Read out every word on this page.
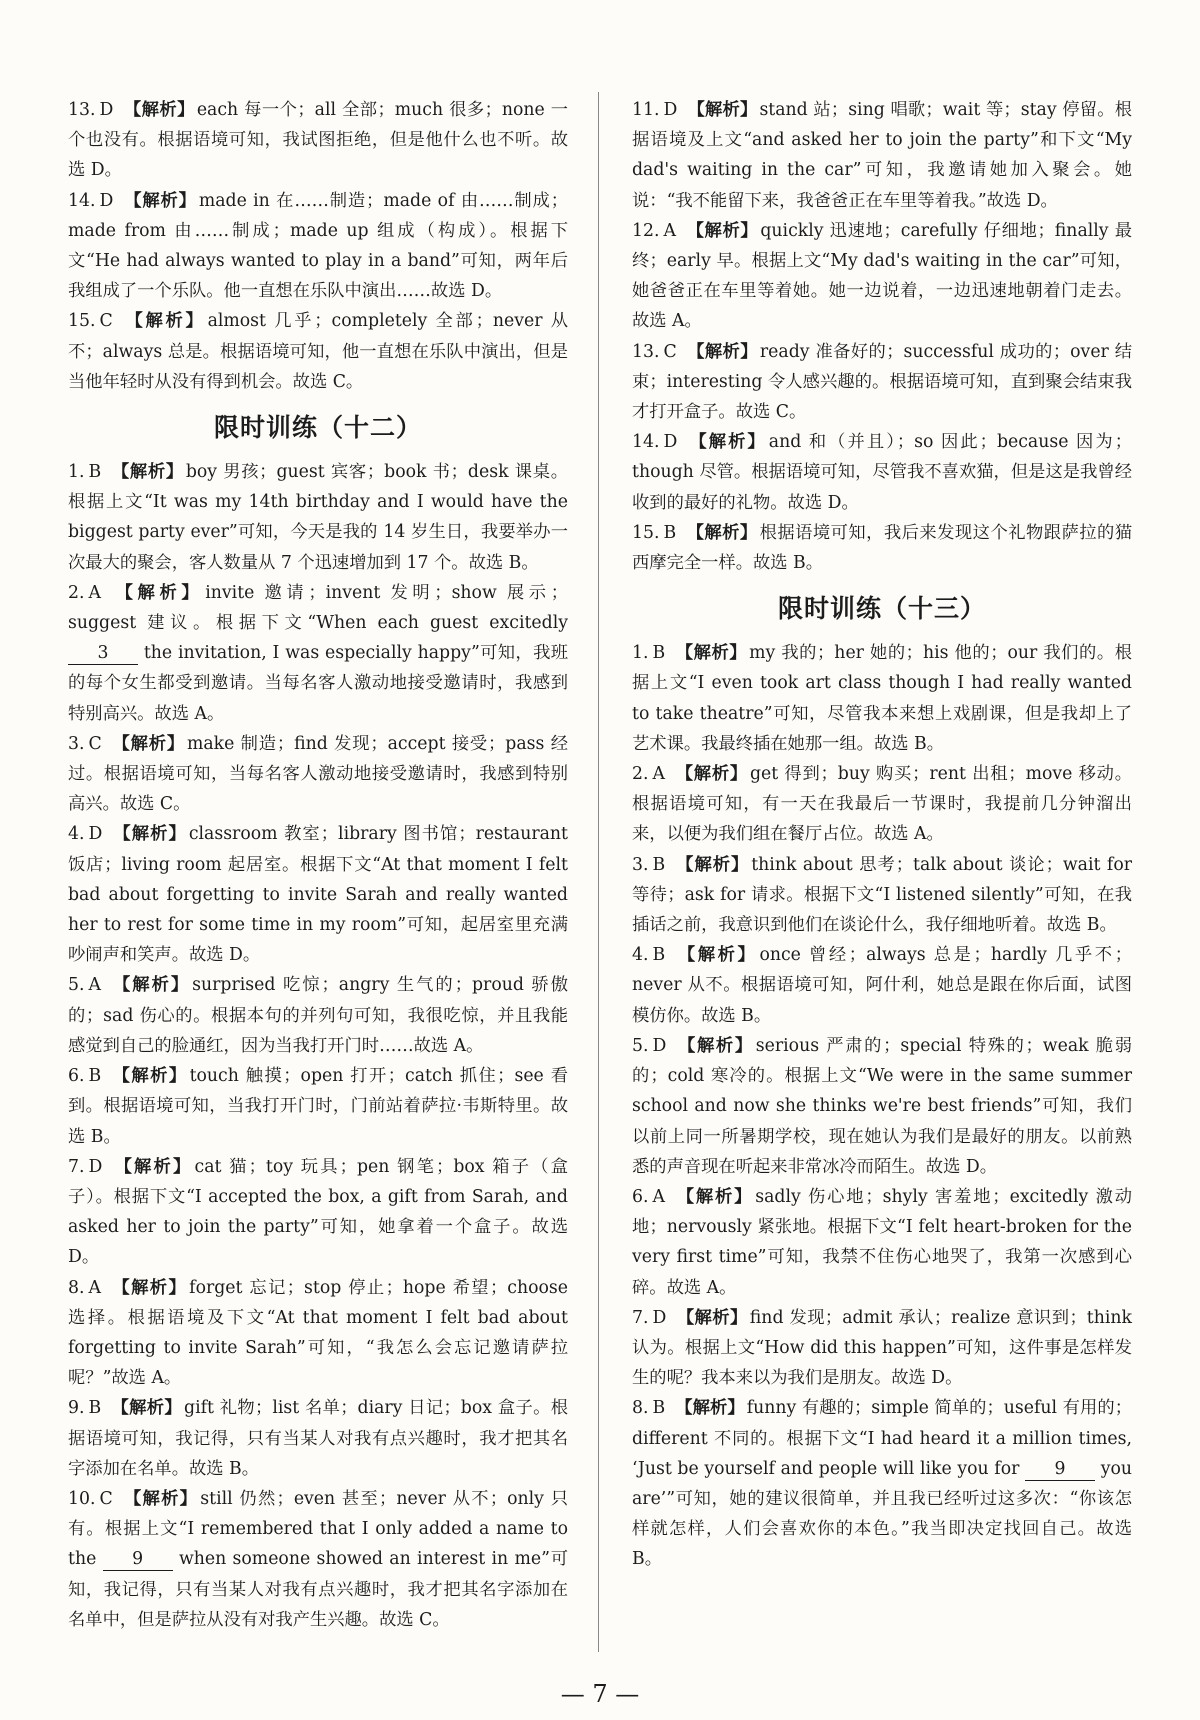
13. D 【解析】 each 每一个；all 全部；much 很多；none 一个也没有。根据语境可知，我试图拒绝，但是他什么也不听。故选 D。

14. D 【解析】 made in 在……制造；made of 由……制成；made from 由……制成；made up 组成（构成）。根据下文“He had always wanted to play in a band”可知，两年后我组成了一个乐队。他一直想在乐队中演出……故选 D。

15. C 【解析】 almost 几乎；completely 全部；never 从不；always 总是。根据语境可知，他一直想在乐队中演出，但是当他年轻时从没有得到机会。故选 C。

限时训练（十二）

1. B 【解析】 boy 男孩；guest 宾客；book 书；desk 课桌。根据上文“It was my 14th birthday and I would have the biggest party ever”可知，今天是我的 14 岁生日，我要举办一次最大的聚会，客人数量从 7 个迅速增加到 17 个。故选 B。

2. A 【解析】 invite 邀请；invent 发明；show 展示；suggest 建议。根据下文“When each guest excitedly 3 the invitation, I was especially happy”可知，我班的每个女生都受到邀请。当每名客人激动地接受邀请时，我感到特别高兴。故选 A。

3. C 【解析】 make 制造；find 发现；accept 接受；pass 经过。根据语境可知，当每名客人激动地接受邀请时，我感到特别高兴。故选 C。

4. D 【解析】 classroom 教室；library 图书馆；restaurant 饭店；living room 起居室。根据下文“At that moment I felt bad about forgetting to invite Sarah and really wanted her to rest for some time in my room”可知，起居室里充满吵闹声和笑声。故选 D。

5. A 【解析】 surprised 吃惊；angry 生气的；proud 骄傲的；sad 伤心的。根据本句的并列句可知，我很吃惊，并且我能感觉到自己的脸通红，因为当我打开门时……故选 A。

6. B 【解析】 touch 触摸；open 打开；catch 抓住；see 看到。根据语境可知，当我打开门时，门前站着萨拉·韦斯特里。故选 B。

7. D 【解析】 cat 猫；toy 玩具；pen 钢笔；box 箱子（盒子）。根据下文“I accepted the box, a gift from Sarah, and asked her to join the party”可知，她拿着一个盒子。故选 D。

8. A 【解析】 forget 忘记；stop 停止；hope 希望；choose 选择。根据语境及下文“At that moment I felt bad about forgetting to invite Sarah”可知，“我怎么会忘记邀请萨拉呢？”故选 A。

9. B 【解析】 gift 礼物；list 名单；diary 日记；box 盒子。根据语境可知，我记得，只有当某人对我有点兴趣时，我才把其名字添加在名单。故选 B。

10. C 【解析】 still 仍然；even 甚至；never 从不；only 只有。根据上文“I remembered that I only added a name to the 9 when someone showed an interest in me”可知，我记得，只有当某人对我有点兴趣时，我才把其名字添加在名单中，但是萨拉从没有对我产生兴趣。故选 C。

11. D 【解析】 stand 站；sing 唱歌；wait 等；stay 停留。根据语境及上文“and asked her to join the party”和下文“My dad's waiting in the car”可知，我邀请她加入聚会。她说：“我不能留下来，我爸爸正在车里等着我。”故选 D。

12. A 【解析】 quickly 迅速地；carefully 仔细地；finally 最终；early 早。根据上文“My dad's waiting in the car”可知，她爸爸正在车里等着她。她一边说着，一边迅速地朝着门走去。故选 A。

13. C 【解析】 ready 准备好的；successful 成功的；over 结束；interesting 令人感兴趣的。根据语境可知，直到聚会结束我才打开盒子。故选 C。

14. D 【解析】 and 和（并且）；so 因此；because 因为；though 尽管。根据语境可知，尽管我不喜欢猫，但是这是我曾经收到的最好的礼物。故选 D。

15. B 【解析】 根据语境可知，我后来发现这个礼物跟萨拉的猫西摩完全一样。故选 B。

限时训练（十三）

1. B 【解析】 my 我的；her 她的；his 他的；our 我们的。根据上文“I even took art class though I had really wanted to take theatre”可知，尽管我本来想上戏剧课，但是我却上了艺术课。我最终插在她那一组。故选 B。

2. A 【解析】 get 得到；buy 购买；rent 出租；move 移动。根据语境可知，有一天在我最后一节课时，我提前几分钟溜出来，以便为我们组在餐厅占位。故选 A。

3. B 【解析】 think about 思考；talk about 谈论；wait for 等待；ask for 请求。根据下文“I listened silently”可知，在我插话之前，我意识到他们在谈论什么，我仔细地听着。故选 B。

4. B 【解析】 once 曾经；always 总是；hardly 几乎不；never 从不。根据语境可知，阿什利，她总是跟在你后面，试图模仿你。故选 B。

5. D 【解析】 serious 严肃的；special 特殊的；weak 脆弱的；cold 寒冷的。根据上文“We were in the same summer school and now she thinks we're best friends”可知，我们以前上同一所暑期学校，现在她认为我们是最好的朋友。以前熟悉的声音现在听起来非常冰冷而陌生。故选 D。

6. A 【解析】 sadly 伤心地；shyly 害羞地；excitedly 激动地；nervously 紧张地。根据下文“I felt heart-broken for the very first time”可知，我禁不住伤心地哭了，我第一次感到心碎。故选 A。

7. D 【解析】 find 发现；admit 承认；realize 意识到；think 认为。根据上文“How did this happen”可知，这件事是怎样发生的呢？我本来以为我们是朋友。故选 D。

8. B 【解析】 funny 有趣的；simple 简单的；useful 有用的；different 不同的。根据下文“I had heard it a million times, ‘Just be yourself and people will like you for 9 you are’”可知，她的建议很简单，并且我已经听过这多次：“你该怎样就怎样，人们会喜欢你的本色。”我当即决定找回自己。故选 B。

— 7 —
